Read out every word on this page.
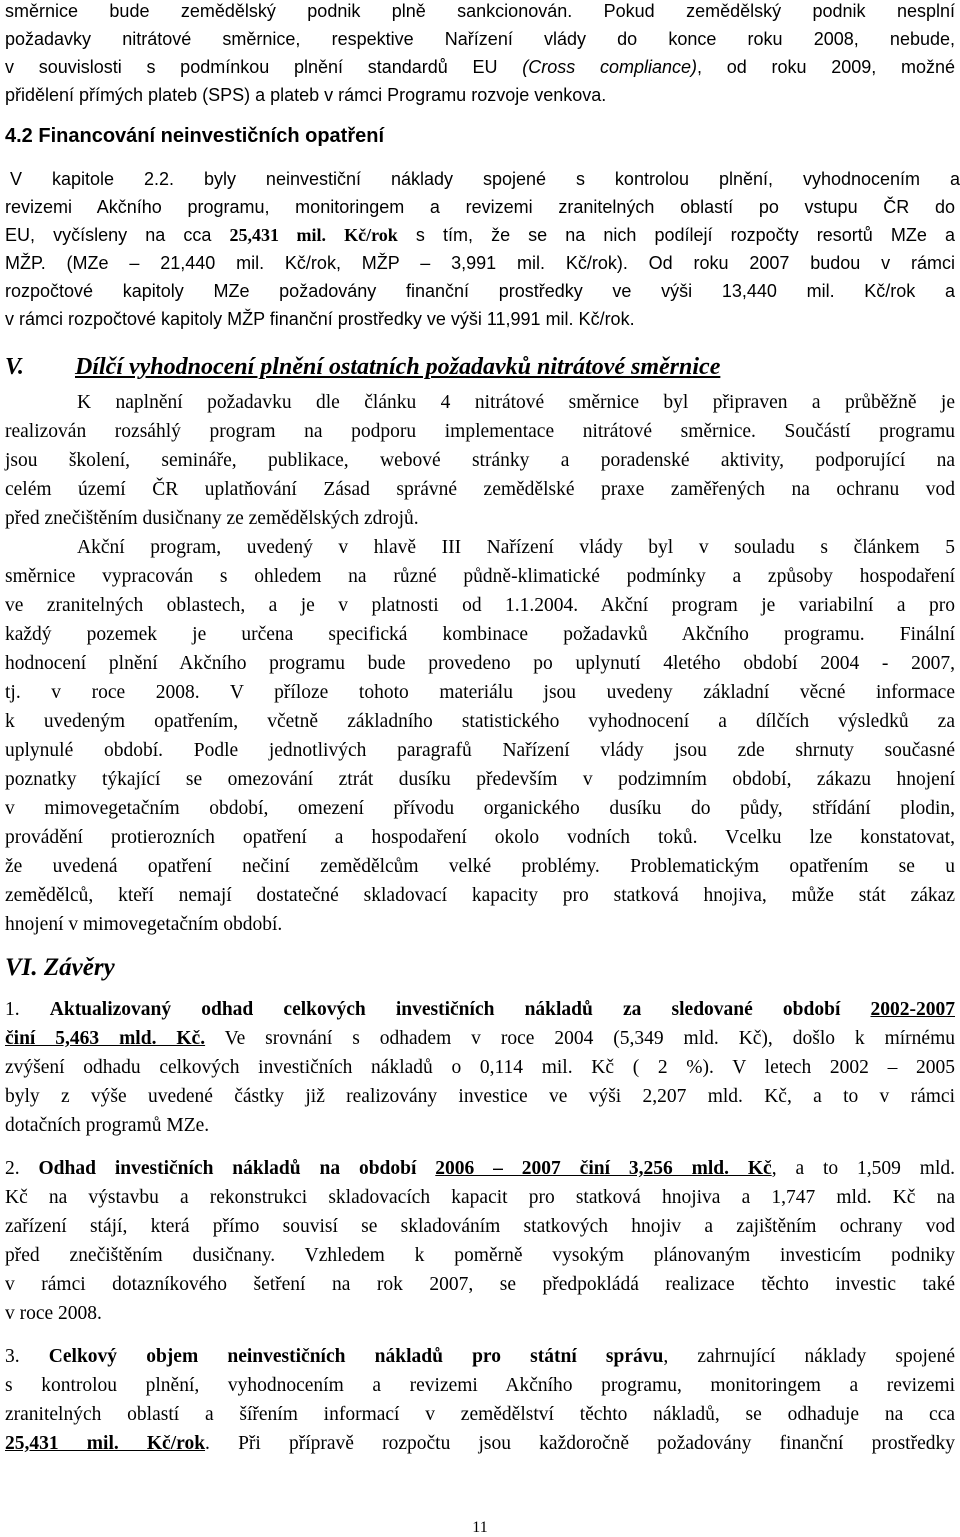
směrnice bude zemědělský podnik plně sankcionován. Pokud zemědělský podnik nesplní
požadavky nitrátové směrnice, respektive Nařízení vlády do konce roku 2008, nebude,
v souvislosti s podmínkou plnění standardů EU (Cross compliance), od roku 2009, možné
přidělení přímých plateb (SPS) a plateb v rámci Programu rozvoje venkova.
4.2 Financování neinvestičních opatření
V kapitole 2.2. byly neinvestiční náklady spojené s kontrolou plnění, vyhodnocením a
revizemi Akčního programu, monitoringem a revizemi zranitelných oblastí po vstupu ČR do
EU, vyčísleny na cca 25,431 mil. Kč/rok s tím, že se na nich podílejí rozpočty resortů MZe a
MŽP. (MZe – 21,440 mil. Kč/rok, MŽP – 3,991 mil. Kč/rok). Od roku 2007 budou v rámci
rozpočtové kapitoly MZe požadovány finanční prostředky ve výši 13,440 mil. Kč/rok a
v rámci rozpočtové kapitoly MŽP finanční prostředky ve výši 11,991 mil. Kč/rok.
V. Dílčí vyhodnocení plnění ostatních požadavků nitrátové směrnice
K naplnění požadavku dle článku 4 nitrátové směrnice byl připraven a průběžně je
realizován rozsáhlý program na podporu implementace nitrátové směrnice. Součástí programu
jsou školení, semináře, publikace, webové stránky a poradenské aktivity, podporující na
celém území ČR uplatňování Zásad správné zemědělské praxe zaměřených na ochranu vod
před znečištěním dusičnany ze zemědělských zdrojů.
Akční program, uvedený v hlavě III Nařízení vlády byl v souladu s článkem 5
směrnice vypracován s ohledem na různé půdně-klimatické podmínky a způsoby hospodaření
ve zranitelných oblastech, a je v platnosti od 1.1.2004. Akční program je variabilní a pro
každý pozemek je určena specifická kombinace požadavků Akčního programu. Finální
hodnocení plnění Akčního programu bude provedeno po uplynutí 4letého období 2004 - 2007,
tj. v roce 2008. V příloze tohoto materiálu jsou uvedeny základní věcné informace
k uvedeným opatřením, včetně základního statistického vyhodnocení a dílčích výsledků za
uplynulé období. Podle jednotlivých paragrafů Nařízení vlády jsou zde shrnuty současné
poznatky týkající se omezování ztrát dusíku především v podzimním období, zákazu hnojení
v mimovegetačním období, omezení přívodu organického dusíku do půdy, střídání plodin,
provádění protierozních opatření a hospodaření okolo vodních toků. Vcelku lze konstatovat,
že uvedená opatření nečiní zemědělcům velké problémy. Problematickým opatřením se u
zemědělců, kteří nemají dostatečné skladovací kapacity pro statková hnojiva, může stát zákaz
hnojení v mimovegetačním období.
VI. Závěry
1. Aktualizovaný odhad celkových investičních nákladů za sledované období 2002-2007
činí 5,463 mld. Kč. Ve srovnání s odhadem v roce 2004 (5,349 mld. Kč), došlo k mírnému
zvýšení odhadu celkových investičních nákladů o 0,114 mil. Kč ( 2 %). V letech 2002 – 2005
byly z výše uvedené částky již realizovány investice ve výši 2,207 mld. Kč, a to v rámci
dotačních programů MZe.
2. Odhad investičních nákladů na období 2006 – 2007 činí 3,256 mld. Kč, a to 1,509 mld.
Kč na výstavbu a rekonstrukci skladovacích kapacit pro statková hnojiva a 1,747 mld. Kč na
zařízení stájí, která přímo souvisí se skladováním statkových hnojiv a zajištěním ochrany vod
před znečištěním dusičnany. Vzhledem k poměrně vysokým plánovaným investicím podniky
v rámci dotazníkového šetření na rok 2007, se předpokládá realizace těchto investic také
v roce 2008.
3. Celkový objem neinvestičních nákladů pro státní správu, zahrnující náklady spojené
s kontrolou plnění, vyhodnocením a revizemi Akčního programu, monitoringem a revizemi
zranitelných oblastí a šířením informací v zemědělství těchto nákladů, se odhaduje na cca
25,431 mil. Kč/rok. Při přípravě rozpočtu jsou každoročně požadovány finanční prostředky
11
